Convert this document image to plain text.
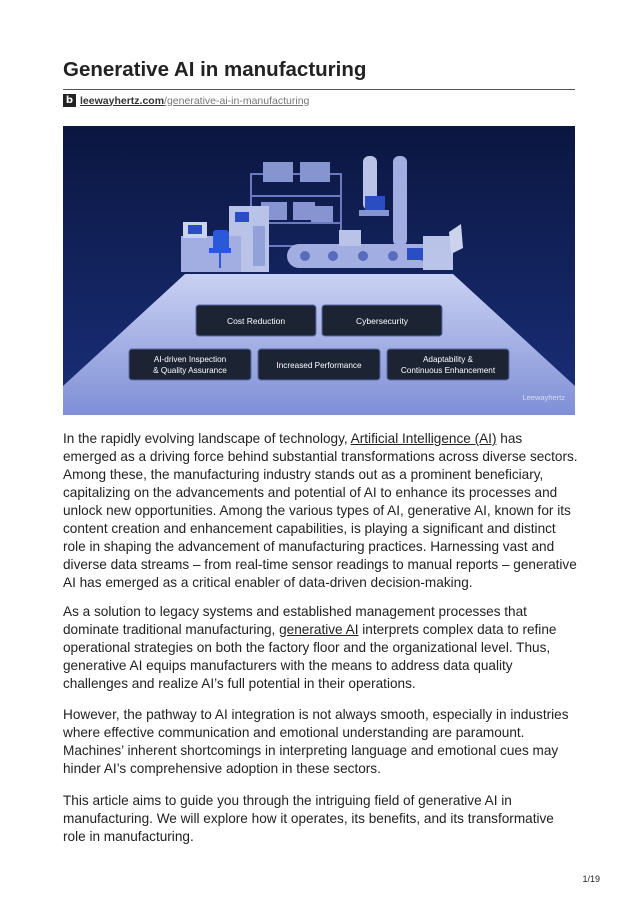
Generative AI in manufacturing
b leewayhertz.com /generative-ai-in-manufacturing
Cost Reduction	Cybersecurity
AI-driven Inspection
& Quality Assurance
Increased Performance
Adaptability &
Continuous Enhancement
Leewayhertz

In the rapidly evolving landscape of technology, Artificial Intelligence (AI) has emerged as a driving force behind substantial transformations across diverse sectors. Among these, the manufacturing industry stands out as a prominent beneficiary, capitalizing on the advancements and potential of AI to enhance its processes and unlock new opportunities. Among the various types of AI, generative AI, known for its content creation and enhancement capabilities, is playing a significant and distinct role in shaping the advancement of manufacturing practices. Harnessing vast and diverse data streams – from real-time sensor readings to manual reports – generative AI has emerged as a critical enabler of data-driven decision-making.

As a solution to legacy systems and established management processes that dominate traditional manufacturing, generative AI interprets complex data to refine operational strategies on both the factory floor and the organizational level. Thus, generative AI equips manufacturers with the means to address data quality challenges and realize AI’s full potential in their operations.

However, the pathway to AI integration is not always smooth, especially in industries where effective communication and emotional understanding are paramount. Machines’ inherent shortcomings in interpreting language and emotional cues may hinder AI’s comprehensive adoption in these sectors.

This article aims to guide you through the intriguing field of generative AI in manufacturing. We will explore how it operates, its benefits, and its transformative role in manufacturing.

1/19
